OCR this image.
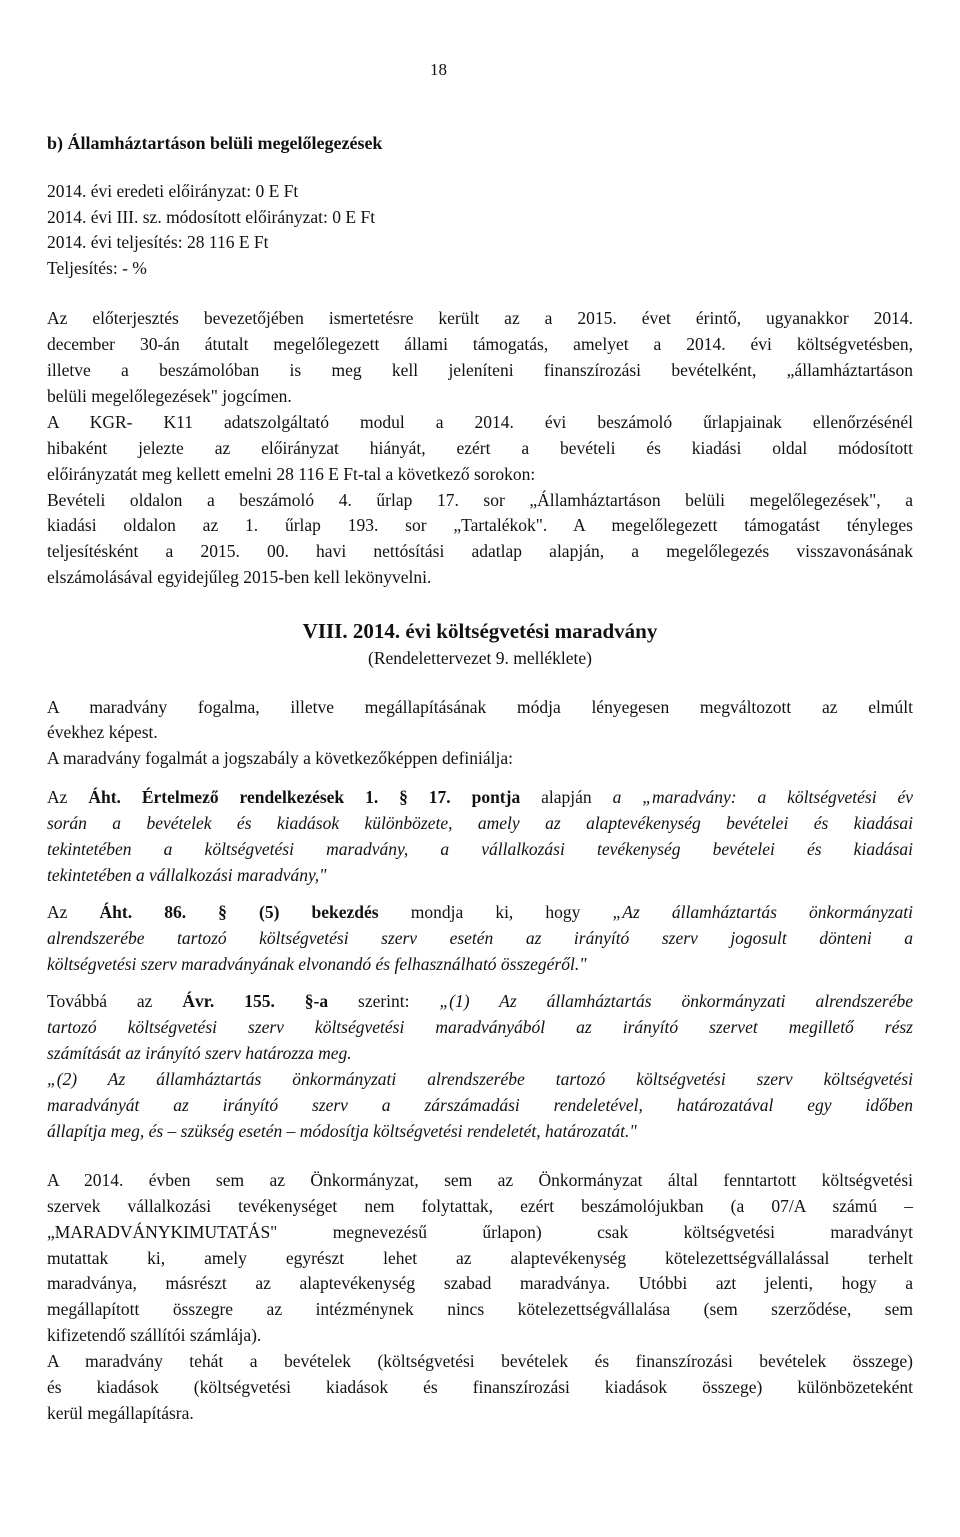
18

b) Államháztartáson belüli megelőlegezések

2014. évi eredeti előirányzat: 0 E Ft

2014. évi III. sz. módosított előirányzat: 0 E Ft

2014. évi teljesítés: 28 116 E Ft

Teljesítés: - %

Az előterjesztés bevezetőjében ismertetésre került az a 2015. évet érintő, ugyanakkor 2014.

december 30-án átutalt megelőlegezett állami támogatás, amelyet a 2014. évi költségvetésben,

illetve a beszámolóban is meg kell jeleníteni finanszírozási bevételként, „államháztartáson

belüli megelőlegezések" jogcímen.

A KGR- K11 adatszolgáltató modul a 2014. évi beszámoló űrlapjainak ellenőrzésénél

hibaként jelezte az előirányzat hiányát, ezért a bevételi és kiadási oldal módosított

előirányzatát meg kellett emelni 28 116 E Ft-tal a következő sorokon:

Bevételi oldalon a beszámoló 4. űrlap 17. sor „Államháztartáson belüli megelőlegezések", a

kiadási oldalon az 1. űrlap 193. sor „Tartalékok". A megelőlegezett támogatást tényleges

teljesítésként a 2015. 00. havi nettósítási adatlap alapján, a megelőlegezés visszavonásának

elszámolásával egyidejűleg 2015-ben kell lekönyvelni.

VIII. 2014. évi költségvetési maradvány

(Rendelettervezet 9. melléklete)

A maradvány fogalma, illetve megállapításának módja lényegesen megváltozott az elmúlt

évekhez képest.

A maradvány fogalmát a jogszabály a következőképpen definiálja:

Az Áht. Értelmező rendelkezések 1. § 17. pontja alapján a „maradvány: a költségvetési év

során a bevételek és kiadások különbözete, amely az alaptevékenység bevételei és kiadásai

tekintetében a költségvetési maradvány, a vállalkozási tevékenység bevételei és kiadásai

tekintetében a vállalkozási maradvány,"

Az Áht. 86. § (5) bekezdés mondja ki, hogy „Az államháztartás önkormányzati

alrendszerébe tartozó költségvetési szerv esetén az irányító szerv jogosult dönteni a

költségvetési szerv maradványának elvonandó és felhasználható összegéről."

Továbbá az Ávr. 155. §-a szerint: „(1) Az államháztartás önkormányzati alrendszerébe

tartozó költségvetési szerv költségvetési maradványából az irányító szervet megillető rész

számítását az irányító szerv határozza meg.

„(2) Az államháztartás önkormányzati alrendszerébe tartozó költségvetési szerv költségvetési

maradványát az irányító szerv a zárszámadási rendeletével, határozatával egy időben

állapítja meg, és – szükség esetén – módosítja költségvetési rendeletét, határozatát."

A 2014. évben sem az Önkormányzat, sem az Önkormányzat által fenntartott költségvetési

szervek vállalkozási tevékenységet nem folytattak, ezért beszámolójukban (a 07/A számú –

„MARADVÁNYKIMUTATÁS" megnevezésű űrlapon) csak költségvetési maradványt

mutattak ki, amely egyrészt lehet az alaptevékenység kötelezettségvállalással terhelt

maradványa, másrészt az alaptevékenység szabad maradványa. Utóbbi azt jelenti, hogy a

megállapított összegre az intézménynek nincs kötelezettségvállalása (sem szerződése, sem

kifizetendő szállítói számlája).

A maradvány tehát a bevételek (költségvetési bevételek és finanszírozási bevételek összege)

és kiadások (költségvetési kiadások és finanszírozási kiadások összege) különbözeteként

kerül megállapításra.
